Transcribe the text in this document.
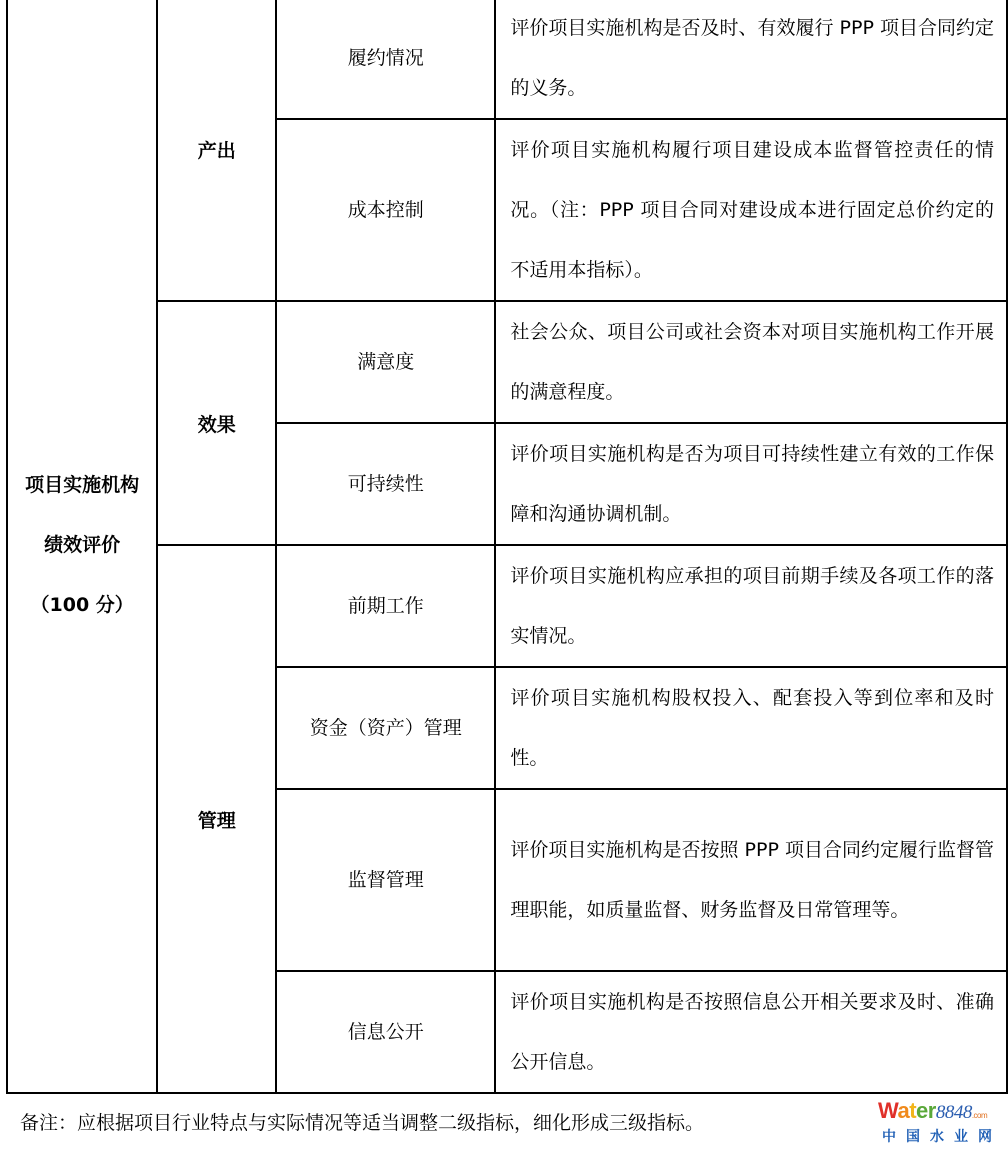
项目实施机构
绩效评价
（100 分）	产出	履约情况	评价项目实施机构是否及时、有效履行 PPP 项目合同约定的义务。
		成本控制	评价项目实施机构履行项目建设成本监督管控责任的情况。（注：PPP 项目合同对建设成本进行固定总价约定的不适用本指标）。
	效果	满意度	社会公众、项目公司或社会资本对项目实施机构工作开展的满意程度。
		可持续性	评价项目实施机构是否为项目可持续性建立有效的工作保障和沟通协调机制。
	管理	前期工作	评价项目实施机构应承担的项目前期手续及各项工作的落实情况。
		资金（资产）管理	评价项目实施机构股权投入、配套投入等到位率和及时性。
		监督管理	评价项目实施机构是否按照 PPP 项目合同约定履行监督管理职能，如质量监督、财务监督及日常管理等。
		信息公开	评价项目实施机构是否按照信息公开相关要求及时、准确公开信息。
备注：应根据项目行业特点与实际情况等适当调整二级指标，细化形成三级指标。	Water8848.com
中国水业网
